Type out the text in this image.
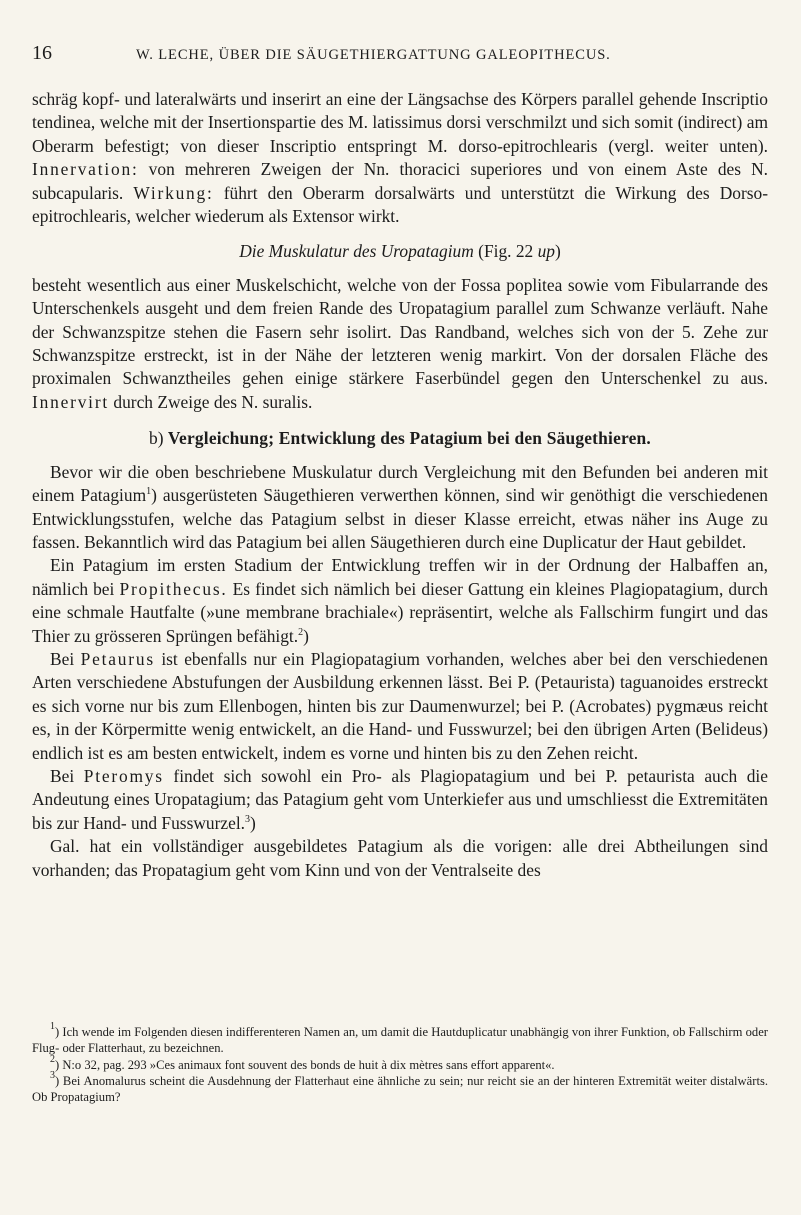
16	W. LECHE, ÜBER DIE SÄUGETHIERGATTUNG GALEOPITHECUS.

schräg kopf- und lateralwärts und inserirt an eine der Längsachse des Körpers parallel gehende Inscriptio tendinea, welche mit der Insertionspartie des M. latissimus dorsi verschmilzt und sich somit (indirect) am Oberarm befestigt; von dieser Inscriptio entspringt M. dorso-epitrochlearis (vergl. weiter unten). Innervation: von mehreren Zweigen der Nn. thoracici superiores und von einem Aste des N. subcapularis. Wirkung: führt den Oberarm dorsalwärts und unterstützt die Wirkung des Dorso-epitrochlearis, welcher wiederum als Extensor wirkt.

Die Muskulatur des Uropatagium (Fig. 22 up)

besteht wesentlich aus einer Muskelschicht, welche von der Fossa poplitea sowie vom Fibularrande des Unterschenkels ausgeht und dem freien Rande des Uropatagium parallel zum Schwanze verläuft. Nahe der Schwanzspitze stehen die Fasern sehr isolirt. Das Randband, welches sich von der 5. Zehe zur Schwanzspitze erstreckt, ist in der Nähe der letzteren wenig markirt. Von der dorsalen Fläche des proximalen Schwanztheiles gehen einige stärkere Faserbündel gegen den Unterschenkel zu aus. Innervirt durch Zweige des N. suralis.

b) Vergleichung; Entwicklung des Patagium bei den Säugethieren.

Bevor wir die oben beschriebene Muskulatur durch Vergleichung mit den Befunden bei anderen mit einem Patagium$^1$) ausgerüsteten Säugethieren verwerthen können, sind wir genöthigt die verschiedenen Entwicklungsstufen, welche das Patagium selbst in dieser Klasse erreicht, etwas näher ins Auge zu fassen. Bekanntlich wird das Patagium bei allen Säugethieren durch eine Duplicatur der Haut gebildet.

Ein Patagium im ersten Stadium der Entwicklung treffen wir in der Ordnung der Halbaffen an, nämlich bei Propithecus. Es findet sich nämlich bei dieser Gattung ein kleines Plagiopatagium, durch eine schmale Hautfalte (»une membrane brachiale«) repräsentirt, welche als Fallschirm fungirt und das Thier zu grösseren Sprüngen befähigt.$^2$)

Bei Petaurus ist ebenfalls nur ein Plagiopatagium vorhanden, welches aber bei den verschiedenen Arten verschiedene Abstufungen der Ausbildung erkennen lässt. Bei P. (Petaurista) taguanoides erstreckt es sich vorne nur bis zum Ellenbogen, hinten bis zur Daumenwurzel; bei P. (Acrobates) pygmæus reicht es, in der Körpermitte wenig entwickelt, an die Hand- und Fusswurzel; bei den übrigen Arten (Belideus) endlich ist es am besten entwickelt, indem es vorne und hinten bis zu den Zehen reicht.

Bei Pteromys findet sich sowohl ein Pro- als Plagiopatagium und bei P. petaurista auch die Andeutung eines Uropatagium; das Patagium geht vom Unterkiefer aus und umschliesst die Extremitäten bis zur Hand- und Fusswurzel.$^3$)

Gal. hat ein vollständiger ausgebildetes Patagium als die vorigen: alle drei Abtheilungen sind vorhanden; das Propatagium geht vom Kinn und von der Ventralseite des

$^1$) Ich wende im Folgenden diesen indifferenteren Namen an, um damit die Hautduplicatur unabhängig von ihrer Funktion, ob Fallschirm oder Flug- oder Flatterhaut, zu bezeichnen.

$^2$) N:o 32, pag. 293 »Ces animaux font souvent des bonds de huit à dix mètres sans effort apparent«.

$^3$) Bei Anomalurus scheint die Ausdehnung der Flatterhaut eine ähnliche zu sein; nur reicht sie an der hinteren Extremität weiter distalwärts. Ob Propatagium?
